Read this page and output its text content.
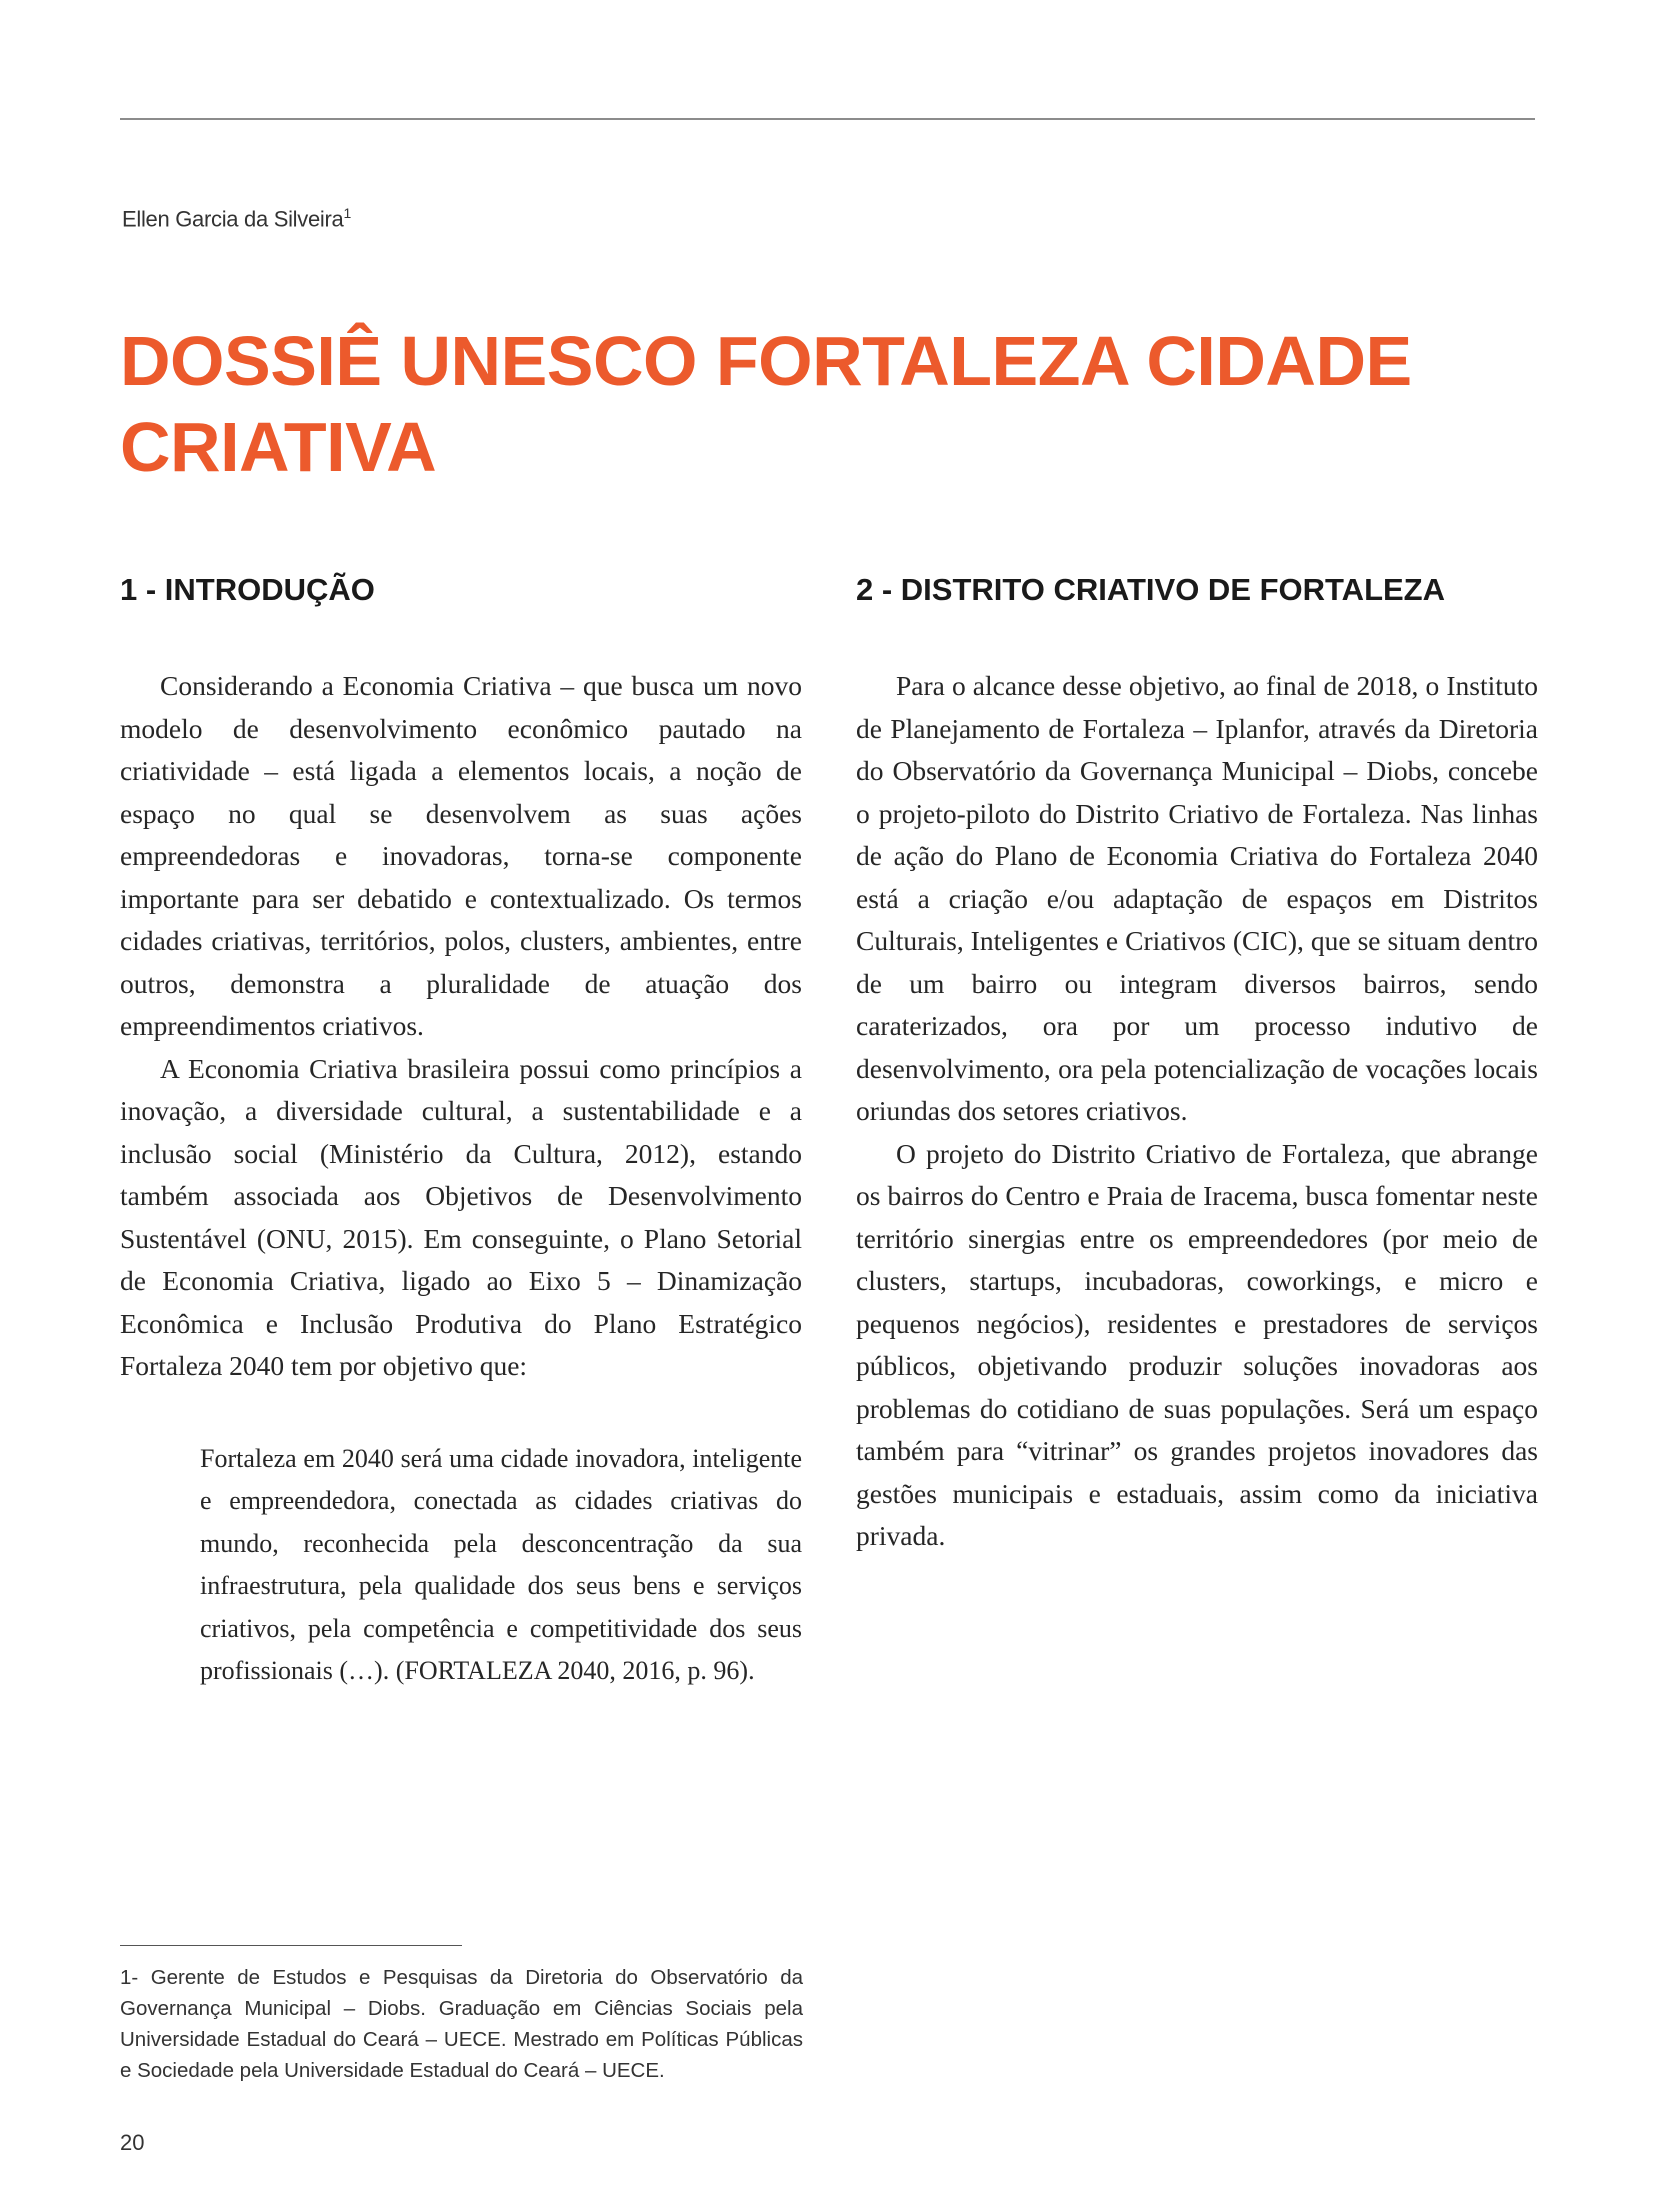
Ellen Garcia da Silveira$^1$
DOSSIÊ UNESCO FORTALEZA CIDADE CRIATIVA
1 - INTRODUÇÃO

Considerando a Economia Criativa – que busca um novo modelo de desenvolvimento econômico pautado na criatividade – está ligada a elementos locais, a noção de espaço no qual se desenvolvem as suas ações empreendedoras e inovadoras, torna-se componente importante para ser debatido e contextualizado. Os termos cidades criativas, territórios, polos, clusters, ambientes, entre outros, demonstra a pluralidade de atuação dos empreendimentos criativos.

A Economia Criativa brasileira possui como princípios a inovação, a diversidade cultural, a sustentabilidade e a inclusão social (Ministério da Cultura, 2012), estando também associada aos Objetivos de Desenvolvimento Sustentável (ONU, 2015). Em conseguinte, o Plano Setorial de Economia Criativa, ligado ao Eixo 5 – Dinamização Econômica e Inclusão Produtiva do Plano Estratégico Fortaleza 2040 tem por objetivo que:

Fortaleza em 2040 será uma cidade inovadora, inteligente e empreendedora, conectada as cidades criativas do mundo, reconhecida pela desconcentração da sua infraestrutura, pela qualidade dos seus bens e serviços criativos, pela competência e competitividade dos seus profissionais (…). (FORTALEZA 2040, 2016, p. 96).

2 - DISTRITO CRIATIVO DE FORTALEZA

Para o alcance desse objetivo, ao final de 2018, o Instituto de Planejamento de Fortaleza – Iplanfor, através da Diretoria do Observatório da Governança Municipal – Diobs, concebe o projeto-piloto do Distrito Criativo de Fortaleza. Nas linhas de ação do Plano de Economia Criativa do Fortaleza 2040 está a criação e/ou adaptação de espaços em Distritos Culturais, Inteligentes e Criativos (CIC), que se situam dentro de um bairro ou integram diversos bairros, sendo caraterizados, ora por um processo indutivo de desenvolvimento, ora pela potencialização de vocações locais oriundas dos setores criativos.

O projeto do Distrito Criativo de Fortaleza, que abrange os bairros do Centro e Praia de Iracema, busca fomentar neste território sinergias entre os empreendedores (por meio de clusters, startups, incubadoras, coworkings, e micro e pequenos negócios), residentes e prestadores de serviços públicos, objetivando produzir soluções inovadoras aos problemas do cotidiano de suas populações. Será um espaço também para “vitrinar” os grandes projetos inovadores das gestões municipais e estaduais, assim como da iniciativa privada.

1- Gerente de Estudos e Pesquisas da Diretoria do Observatório da Governança Municipal – Diobs. Graduação em Ciências Sociais pela Universidade Estadual do Ceará – UECE. Mestrado em Políticas Públicas e Sociedade pela Universidade Estadual do Ceará – UECE.

20
